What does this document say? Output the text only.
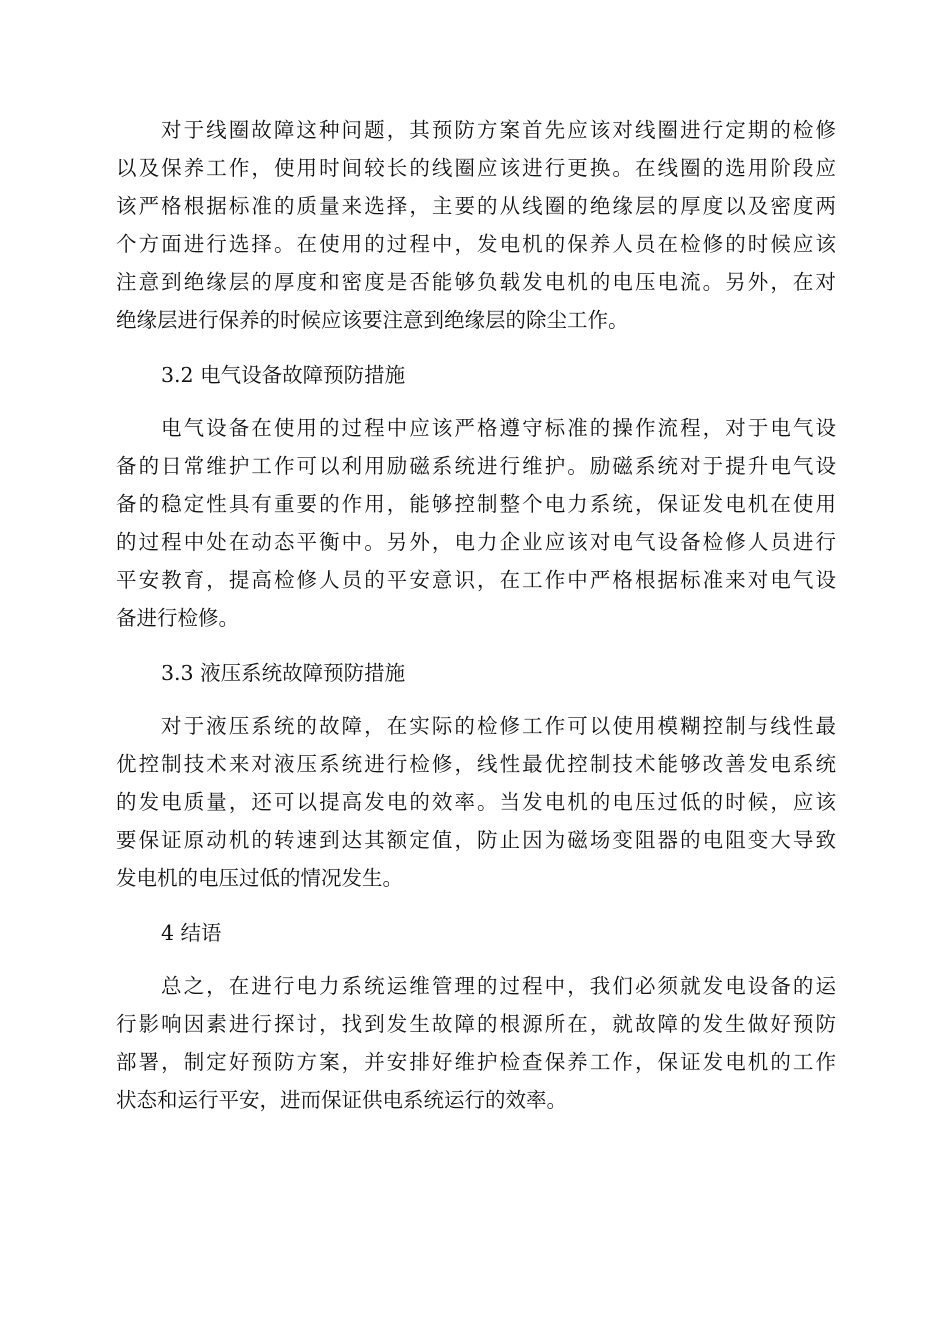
对于线圈故障这种问题，其预防方案首先应该对线圈进行定期的检修
以及保养工作，使用时间较长的线圈应该进行更换。在线圈的选用阶段应
该严格根据标准的质量来选择，主要的从线圈的绝缘层的厚度以及密度两
个方面进行选择。在使用的过程中，发电机的保养人员在检修的时候应该
注意到绝缘层的厚度和密度是否能够负载发电机的电压电流。另外，在对
绝缘层进行保养的时候应该要注意到绝缘层的除尘工作。
3.2 电气设备故障预防措施
电气设备在使用的过程中应该严格遵守标准的操作流程，对于电气设
备的日常维护工作可以利用励磁系统进行维护。励磁系统对于提升电气设
备的稳定性具有重要的作用，能够控制整个电力系统，保证发电机在使用
的过程中处在动态平衡中。另外，电力企业应该对电气设备检修人员进行
平安教育，提高检修人员的平安意识，在工作中严格根据标准来对电气设
备进行检修。
3.3 液压系统故障预防措施
对于液压系统的故障，在实际的检修工作可以使用模糊控制与线性最
优控制技术来对液压系统进行检修，线性最优控制技术能够改善发电系统
的发电质量，还可以提高发电的效率。当发电机的电压过低的时候，应该
要保证原动机的转速到达其额定值，防止因为磁场变阻器的电阻变大导致
发电机的电压过低的情况发生。
4 结语
总之，在进行电力系统运维管理的过程中，我们必须就发电设备的运
行影响因素进行探讨，找到发生故障的根源所在，就故障的发生做好预防
部署，制定好预防方案，并安排好维护检查保养工作，保证发电机的工作
状态和运行平安，进而保证供电系统运行的效率。
